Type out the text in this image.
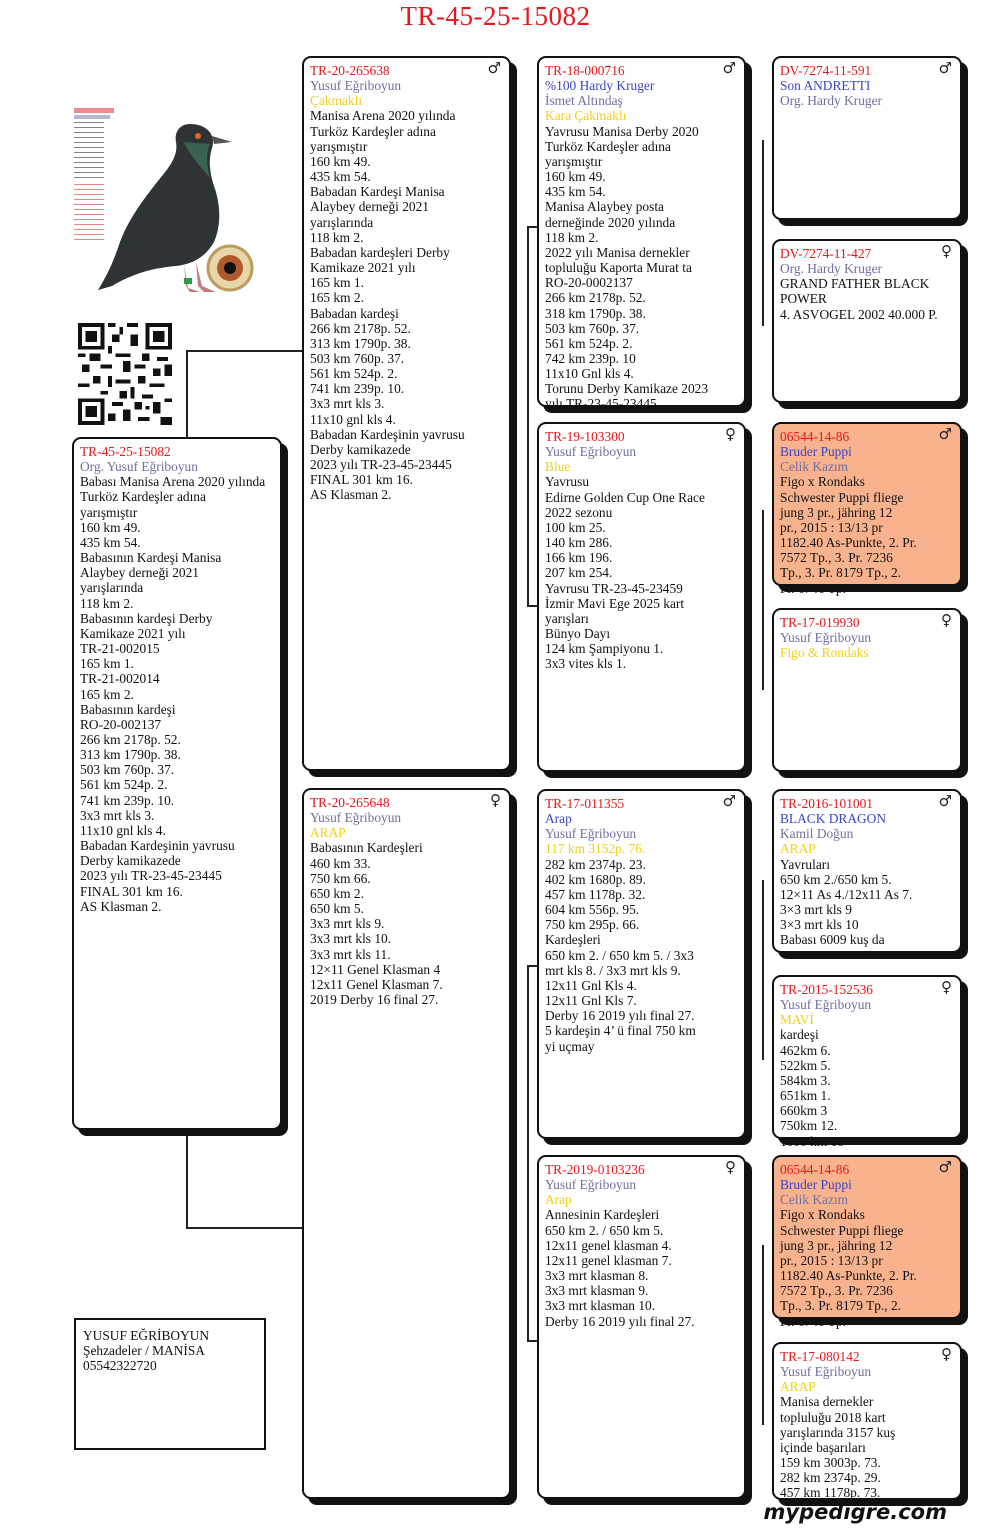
TR-45-25-15082
TR-45-25-15082
Org. Yusuf Eğriboyun
Babası Manisa Arena 2020 yılında
Turköz Kardeşler adına
yarışmıştır
160 km 49.
435 km 54.
Babasının Kardeşi Manisa
Alaybey derneği 2021
yarışlarında
118 km 2.
Babasının kardeşi Derby
Kamikaze 2021 yılı
TR-21-002015
165 km 1.
TR-21-002014
165 km 2.
Babasının kardeşi
RO-20-002137
266 km 2178p. 52.
313 km 1790p. 38.
503 km 760p. 37.
561 km 524p. 2.
741 km 239p. 10.
3x3 mrt kls 3.
11x10 gnl kls 4.
Babadan Kardeşinin yavrusu
Derby kamikazede
2023 yılı TR-23-45-23445
FINAL 301 km 16.
AS Klasman 2.
♂
TR-20-265638
Yusuf Eğriboyun
Çakmaklı
Manisa Arena 2020 yılında
Turköz Kardeşler adına
yarışmıştır
160 km 49.
435 km 54.
Babadan Kardeşi Manisa
Alaybey derneği 2021
yarışlarında
118 km 2.
Babadan kardeşleri Derby
Kamikaze 2021 yılı
165 km 1.
165 km 2.
Babadan kardeşi
266 km 2178p. 52.
313 km 1790p. 38.
503 km 760p. 37.
561 km 524p. 2.
741 km 239p. 10.
3x3 mrt kls 3.
11x10 gnl kls 4.
Babadan Kardeşinin yavrusu
Derby kamikazede
2023 yılı TR-23-45-23445
FINAL 301 km 16.
AS Klasman 2.
♀
TR-20-265648
Yusuf Eğriboyun
ARAP
Babasının Kardeşleri
460 km 33.
750 km 66.
650 km 2.
650 km 5.
3x3 mrt kls 9.
3x3 mrt kls 10.
3x3 mrt kls 11.
12×11 Genel Klasman 4
12x11 Genel Klasman 7.
2019 Derby 16 final 27.
♂
TR-18-000716
%100 Hardy Kruger
İsmet Altındaş
Kara Çakmaklı
Yavrusu Manisa Derby 2020
Turköz Kardeşler adına
yarışmıştır
160 km 49.
435 km 54.
Manisa Alaybey posta
derneğinde 2020 yılında
118 km 2.
2022 yılı Manisa dernekler
topluluğu Kaporta Murat ta
RO-20-0002137
266 km 2178p. 52.
318 km 1790p. 38.
503 km 760p. 37.
561 km 524p. 2.
742 km 239p. 10
11x10 Gnl kls 4.
Torunu Derby Kamikaze 2023
yılı TR-23-45-23445
♀
TR-19-103300
Yusuf Eğriboyun
Blue
Yavrusu
Edirne Golden Cup One Race
2022 sezonu
100 km 25.
140 km 286.
166 km 196.
207 km 254.
Yavrusu TR-23-45-23459
İzmir Mavi Ege 2025 kart
yarışları
Bünyo Dayı
124 km Şampiyonu 1.
3x3 vites kls 1.
♂
TR-17-011355
Arap
Yusuf Eğriboyun
117 km 3152p. 76.
282 km 2374p. 23.
402 km 1680p. 89.
457 km 1178p. 32.
604 km 556p. 95.
750 km 295p. 66.
Kardeşleri
650 km 2. / 650 km 5. / 3x3
mrt kls 8. / 3x3 mrt kls 9.
12x11 Gnl Kls 4.
12x11 Gnl Kls 7.
Derby 16 2019 yılı final 27.
5 kardeşin 4’ ü final 750 km
yi uçmay
♀
TR-2019-0103236
Yusuf Eğriboyun
Arap
Annesinin Kardeşleri
650 km 2. / 650 km 5.
12x11 genel klasman 4.
12x11 genel klasman 7.
3x3 mrt klasman 8.
3x3 mrt klasman 9.
3x3 mrt klasman 10.
Derby 16 2019 yılı final 27.
♂
DV-7274-11-591
Son ANDRETTI
Org. Hardy Kruger
♀
DV-7274-11-427
Org. Hardy Kruger
GRAND FATHER BLACK POWER
4. ASVOGEL 2002 40.000 P.
♂
06544-14-86
Bruder Puppi
Celik Kazım
Figo x Rondaks
Schwester Puppi fliege
jung 3 pr., jähring 12
pr., 2015 : 13/13 pr
1182.40 As-Punkte, 2. Pr.
7572 Tp., 3. Pr. 7236
Tp., 3. Pr. 8179 Tp., 2.
Pr. 6746 Tp.
♀
TR-17-019930
Yusuf Eğriboyun
Figo & Rondaks
♂
TR-2016-101001
BLACK DRAGON
Kamil Doğun
ARAP
Yavruları
650 km 2./650 km 5.
12×11 As 4./12x11 As 7.
3×3 mrt kls 9
3×3 mrt kls 10
Babası 6009 kuş da
♀
TR-2015-152536
Yusuf Eğriboyun
MAVİ
kardeşi
462km 6.
522km 5.
584km 3.
651km 1.
660km 3
750km 12.
1000 km 18
♂
06544-14-86
Bruder Puppi
Celik Kazım
Figo x Rondaks
Schwester Puppi fliege
jung 3 pr., jähring 12
pr., 2015 : 13/13 pr
1182.40 As-Punkte, 2. Pr.
7572 Tp., 3. Pr. 7236
Tp., 3. Pr. 8179 Tp., 2.
Pr. 6746 Tp.
♀
TR-17-080142
Yusuf Eğriboyun
ARAP
Manisa dernekler
topluluğu 2018 kart
yarışlarında 3157 kuş
içinde başarıları
159 km 3003p. 73.
282 km 2374p. 29.
457 km 1178p. 73.
YUSUF EĞRİBOYUN
Şehzadeler / MANİSA
05542322720
mypedigre.com
